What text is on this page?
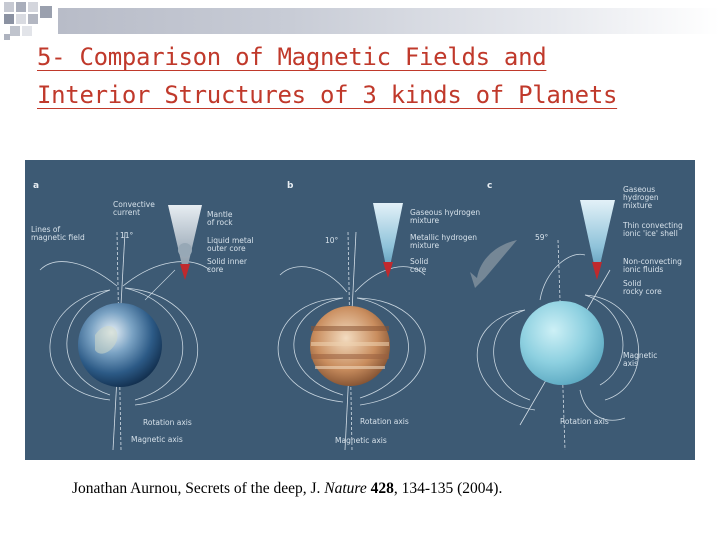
5- Comparison of Magnetic Fields and
Interior Structures of 3 kinds of Planets
a
11°
Convective current
Lines of magnetic field
Mantle of rock
Liquid metal outer core
Solid inner core
Rotation axis
Magnetic axis
b
10°
Gaseous hydrogen mixture
Metallic hydrogen mixture
Solid core
Rotation axis
Magnetic axis
c
59°
Gaseous hydrogen mixture
Thin convecting ionic 'ice' shell
Non-convecting ionic fluids
Solid rocky core
Magnetic axis
Rotation axis

Jonathan Aurnou, Secrets of the deep, J. Nature 428, 134-135 (2004).
